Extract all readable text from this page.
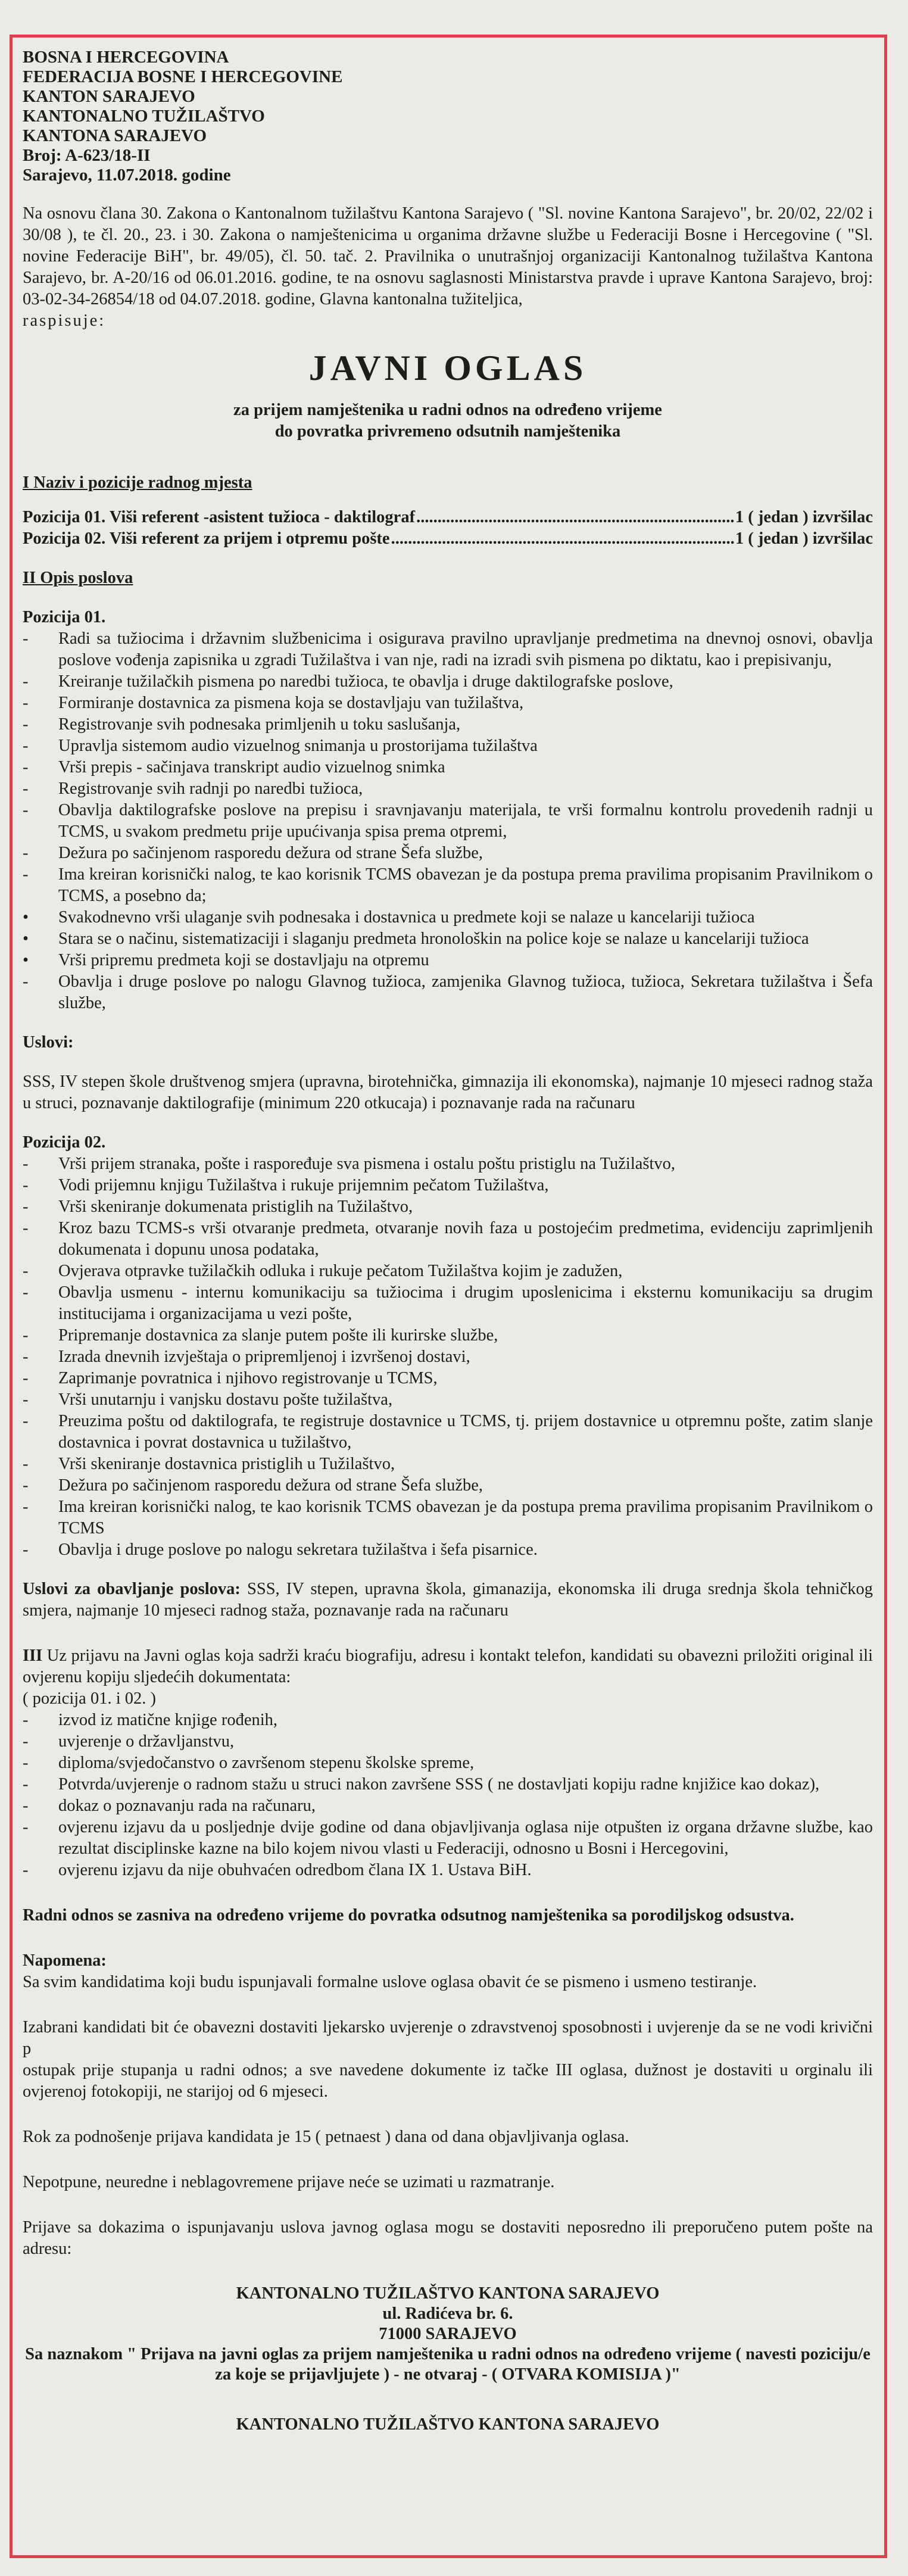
BOSNA I HERCEGOVINA
FEDERACIJA BOSNE I HERCEGOVINE
KANTON SARAJEVO
KANTONALNO TUŽILAŠTVO
KANTONA SARAJEVO
Broj: A-623/18-II
Sarajevo, 11.07.2018. godine

Na osnovu člana 30. Zakona o Kantonalnom tužilaštvu Kantona Sarajevo ( "Sl. novine Kantona Sarajevo", br. 20/02, 22/02 i 30/08 ), te čl. 20., 23. i 30. Zakona o namještenicima u organima državne službe u Federaciji Bosne i Hercegovine ( "Sl. novine Federacije BiH", br. 49/05), čl. 50. tač. 2. Pravilnika o unutrašnjoj organizaciji Kantonalnog tužilaštva Kantona Sarajevo, br. A-20/16 od 06.01.2016. godine, te na osnovu saglasnosti Ministarstva pravde i uprave Kantona Sarajevo, broj: 03-02-34-26854/18 od 04.07.2018. godine, Glavna kantonalna tužiteljica,

raspisuje:

JAVNI OGLAS
za prijem namještenika u radni odnos na određeno vrijeme
do povratka privremeno odsutnih namještenika

I Naziv i pozicije radnog mjesta

Pozicija 01. Viši referent -asistent tužioca - daktilograf .....	1 ( jedan ) izvršilac
Pozicija 02. Viši referent za prijem i otpremu pošte .....	1 ( jedan ) izvršilac

II Opis poslova

Pozicija 01.

-	Radi sa tužiocima i državnim službenicima i osigurava pravilno upravljanje predmetima na dnevnoj osnovi, obavlja poslove vođenja zapisnika u zgradi Tužilaštva i van nje, radi na izradi svih pismena po diktatu, kao i prepisivanju,
-	Kreiranje tužilačkih pismena po naredbi tužioca, te obavlja i druge daktilografske poslove,
-	Formiranje dostavnica za pismena koja se dostavljaju van tužilaštva,
-	Registrovanje svih podnesaka primljenih u toku saslušanja,
-	Upravlja sistemom audio vizuelnog snimanja u prostorijama tužilaštva
-	Vrši prepis - sačinjava transkript audio vizuelnog snimka
-	Registrovanje svih radnji po naredbi tužioca,
-	Obavlja daktilografske poslove na prepisu i sravnjavanju materijala, te vrši formalnu kontrolu provedenih radnji u TCMS, u svakom predmetu prije upućivanja spisa prema otpremi,
-	Dežura po sačinjenom rasporedu dežura od strane Šefa službe,
-	Ima kreiran korisnički nalog, te kao korisnik TCMS obavezan je da postupa prema pravilima propisanim Pravilnikom o TCMS, a posebno da;
•	Svakodnevno vrši ulaganje svih podnesaka i dostavnica u predmete koji se nalaze u kancelariji tužioca
•	Stara se o načinu, sistematizaciji i slaganju predmeta hronološkin na police koje se nalaze u kancelariji tužioca
•	Vrši pripremu predmeta koji se dostavljaju na otpremu
-	Obavlja i druge poslove po nalogu Glavnog tužioca, zamjenika Glavnog tužioca, tužioca, Sekretara tužilaštva i Šefa službe,

Uslovi:

SSS, IV stepen škole društvenog smjera (upravna, birotehnička, gimnazija ili ekonomska), najmanje 10 mjeseci radnog staža u struci, poznavanje daktilografije (minimum 220 otkucaja) i poznavanje rada na računaru

Pozicija 02.

-	Vrši prijem stranaka, pošte i raspoređuje sva pismena i ostalu poštu pristiglu na Tužilaštvo,
-	Vodi prijemnu knjigu Tužilaštva i rukuje prijemnim pečatom Tužilaštva,
-	Vrši skeniranje dokumenata pristiglih na Tužilaštvo,
-	Kroz bazu TCMS-s vrši otvaranje predmeta, otvaranje novih faza u postojećim predmetima, evidenciju zaprimljenih dokumenata i dopunu unosa podataka,
-	Ovjerava otpravke tužilačkih odluka i rukuje pečatom Tužilaštva kojim je zadužen,
-	Obavlja usmenu - internu komunikaciju sa tužiocima i drugim uposlenicima i eksternu komunikaciju sa drugim institucijama i organizacijama u vezi pošte,
-	Pripremanje dostavnica za slanje putem pošte ili kurirske službe,
-	Izrada dnevnih izvještaja o pripremljenoj i izvršenoj dostavi,
-	Zaprimanje povratnica i njihovo registrovanje u TCMS,
-	Vrši unutarnju i vanjsku dostavu pošte tužilaštva,
-	Preuzima poštu od daktilografa, te registruje dostavnice u TCMS, tj. prijem dostavnice u otpremnu pošte, zatim slanje dostavnica i povrat dostavnica u tužilaštvo,
-	Vrši skeniranje dostavnica pristiglih u Tužilaštvo,
-	Dežura po sačinjenom rasporedu dežura od strane Šefa službe,
-	Ima kreiran korisnički nalog, te kao korisnik TCMS obavezan je da postupa prema pravilima propisanim Pravilnikom o TCMS
-	Obavlja i druge poslove po nalogu sekretara tužilaštva i šefa pisarnice.

Uslovi za obavljanje poslova: SSS, IV stepen, upravna škola, gimanazija, ekonomska ili druga srednja škola tehničkog smjera, najmanje 10 mjeseci radnog staža, poznavanje rada na računaru

III Uz prijavu na Javni oglas koja sadrži kraću biografiju, adresu i kontakt telefon, kandidati su obavezni priložiti original ili ovjerenu kopiju sljedećih dokumentata:

( pozicija 01. i 02. )

-	izvod iz matične knjige rođenih,
-	uvjerenje o državljanstvu,
-	diploma/svjedočanstvo o završenom stepenu školske spreme,
-	Potvrda/uvjerenje o radnom stažu u struci nakon završene SSS ( ne dostavljati kopiju radne knjižice kao dokaz),
-	dokaz o poznavanju rada na računaru,
-	ovjerenu izjavu da u posljednje dvije godine od dana objavljivanja oglasa nije otpušten iz organa državne službe, kao rezultat disciplinske kazne na bilo kojem nivou vlasti u Federaciji, odnosno u Bosni i Hercegovini,
-	ovjerenu izjavu da nije obuhvaćen odredbom člana IX 1. Ustava BiH.

Radni odnos se zasniva na određeno vrijeme do povratka odsutnog namještenika sa porodiljskog odsustva.

Napomena:

Sa svim kandidatima koji budu ispunjavali formalne uslove oglasa obavit će se pismeno i usmeno testiranje.

Izabrani kandidati bit će obavezni dostaviti ljekarsko uvjerenje o zdravstvenoj sposobnosti i uvjerenje da se ne vodi krivični p

ostupak prije stupanja u radni odnos; a sve navedene dokumente iz tačke III oglasa, dužnost je dostaviti u orginalu ili ovjerenoj fotokopiji, ne starijoj od 6 mjeseci.

Rok za podnošenje prijava kandidata je 15 ( petnaest ) dana od dana objavljivanja oglasa.

Nepotpune, neuredne i neblagovremene prijave neće se uzimati u razmatranje.

Prijave sa dokazima o ispunjavanju uslova javnog oglasa mogu se dostaviti neposredno ili preporučeno putem pošte na adresu:

KANTONALNO TUŽILAŠTVO KANTONA SARAJEVO
ul. Radićeva br. 6.
71000 SARAJEVO
Sa naznakom " Prijava na javni oglas za prijem namještenika u radni odnos na određeno vrijeme ( navesti poziciju/e za koje se prijavljujete ) - ne otvaraj - ( OTVARA KOMISIJA )"
KANTONALNO TUŽILAŠTVO KANTONA SARAJEVO
